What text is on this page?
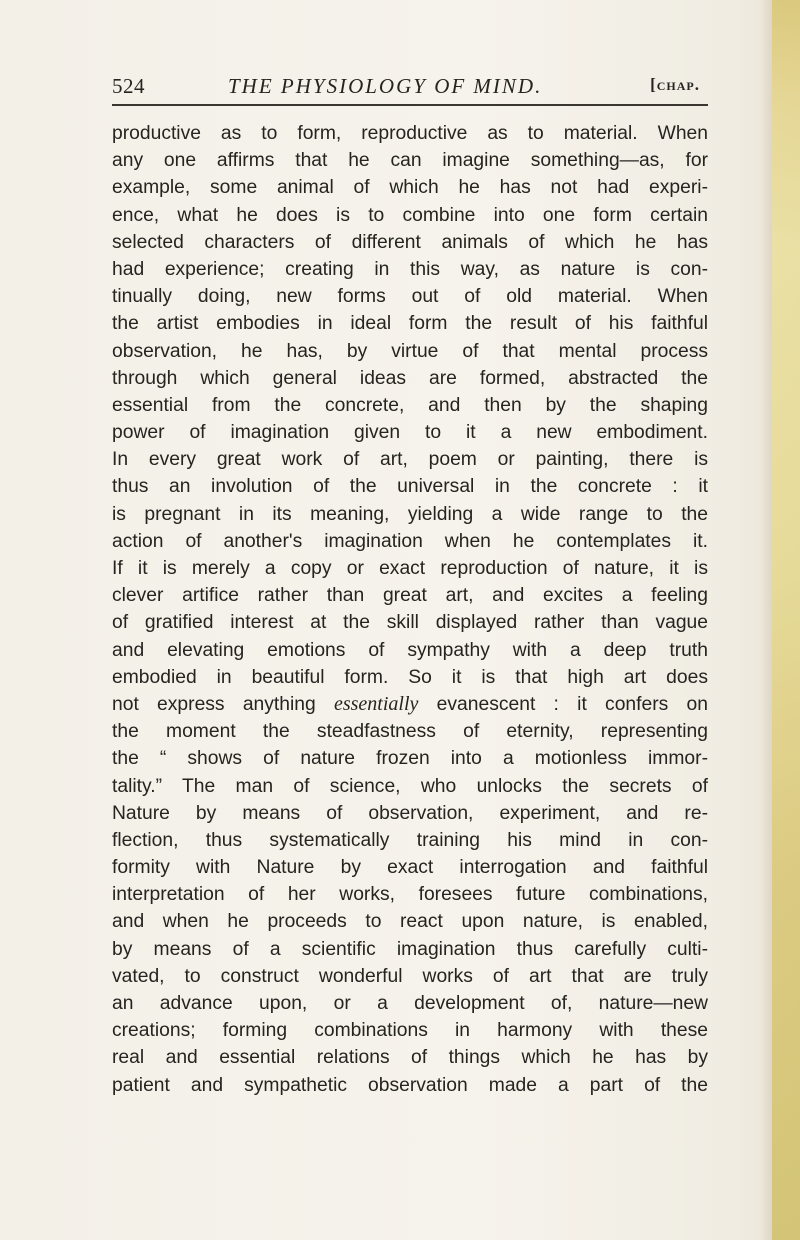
524	THE PHYSIOLOGY OF MIND.	[chap.
productive as to form, reproductive as to material. When
any one affirms that he can imagine something—as, for
example, some animal of which he has not had experi-
ence, what he does is to combine into one form certain
selected characters of different animals of which he has
had experience; creating in this way, as nature is con-
tinually doing, new forms out of old material. When
the artist embodies in ideal form the result of his faithful
observation, he has, by virtue of that mental process
through which general ideas are formed, abstracted the
essential from the concrete, and then by the shaping
power of imagination given to it a new embodiment.
In every great work of art, poem or painting, there is
thus an involution of the universal in the concrete : it
is pregnant in its meaning, yielding a wide range to the
action of another's imagination when he contemplates it.
If it is merely a copy or exact reproduction of nature, it is
clever artifice rather than great art, and excites a feeling
of gratified interest at the skill displayed rather than vague
and elevating emotions of sympathy with a deep truth
embodied in beautiful form. So it is that high art does
not express anything essentially evanescent : it confers on
the moment the steadfastness of eternity, representing
the “ shows of nature frozen into a motionless immor-
tality.” The man of science, who unlocks the secrets of
Nature by means of observation, experiment, and re-
flection, thus systematically training his mind in con-
formity with Nature by exact interrogation and faithful
interpretation of her works, foresees future combinations,
and when he proceeds to react upon nature, is enabled,
by means of a scientific imagination thus carefully culti-
vated, to construct wonderful works of art that are truly
an advance upon, or a development of, nature—new
creations; forming combinations in harmony with these
real and essential relations of things which he has by
patient and sympathetic observation made a part of the
